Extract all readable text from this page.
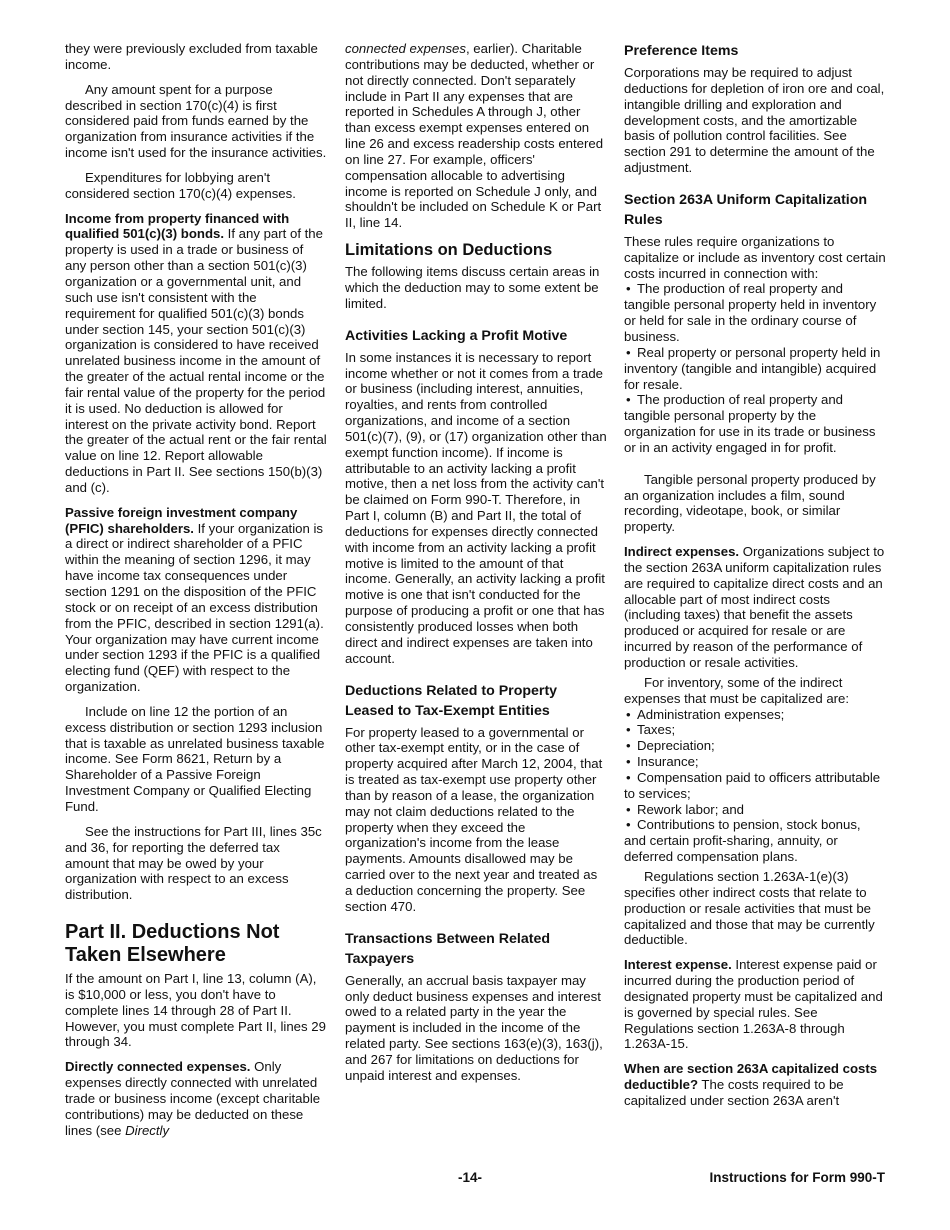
they were previously excluded from taxable income.

Any amount spent for a purpose described in section 170(c)(4) is first considered paid from funds earned by the organization from insurance activities if the income isn't used for the insurance activities.

Expenditures for lobbying aren't considered section 170(c)(4) expenses.

Income from property financed with qualified 501(c)(3) bonds. If any part of the property is used in a trade or business of any person other than a section 501(c)(3) organization or a governmental unit, and such use isn't consistent with the requirement for qualified 501(c)(3) bonds under section 145, your section 501(c)(3) organization is considered to have received unrelated business income in the amount of the greater of the actual rental income or the fair rental value of the property for the period it is used. No deduction is allowed for interest on the private activity bond. Report the greater of the actual rent or the fair rental value on line 12. Report allowable deductions in Part II. See sections 150(b)(3) and (c).

Passive foreign investment company (PFIC) shareholders. If your organization is a direct or indirect shareholder of a PFIC within the meaning of section 1296, it may have income tax consequences under section 1291 on the disposition of the PFIC stock or on receipt of an excess distribution from the PFIC, described in section 1291(a). Your organization may have current income under section 1293 if the PFIC is a qualified electing fund (QEF) with respect to the organization.

Include on line 12 the portion of an excess distribution or section 1293 inclusion that is taxable as unrelated business taxable income. See Form 8621, Return by a Shareholder of a Passive Foreign Investment Company or Qualified Electing Fund.

See the instructions for Part III, lines 35c and 36, for reporting the deferred tax amount that may be owed by your organization with respect to an excess distribution.

Part II. Deductions Not Taken Elsewhere

If the amount on Part I, line 13, column (A), is $10,000 or less, you don't have to complete lines 14 through 28 of Part II. However, you must complete Part II, lines 29 through 34.

Directly connected expenses. Only expenses directly connected with unrelated trade or business income (except charitable contributions) may be deducted on these lines (see Directly

connected expenses, earlier). Charitable contributions may be deducted, whether or not directly connected. Don't separately include in Part II any expenses that are reported in Schedules A through J, other than excess exempt expenses entered on line 26 and excess readership costs entered on line 27. For example, officers' compensation allocable to advertising income is reported on Schedule J only, and shouldn't be included on Schedule K or Part II, line 14.

Limitations on Deductions

The following items discuss certain areas in which the deduction may to some extent be limited.

Activities Lacking a Profit Motive

In some instances it is necessary to report income whether or not it comes from a trade or business (including interest, annuities, royalties, and rents from controlled organizations, and income of a section 501(c)(7), (9), or (17) organization other than exempt function income). If income is attributable to an activity lacking a profit motive, then a net loss from the activity can't be claimed on Form 990-T. Therefore, in Part I, column (B) and Part II, the total of deductions for expenses directly connected with income from an activity lacking a profit motive is limited to the amount of that income. Generally, an activity lacking a profit motive is one that isn't conducted for the purpose of producing a profit or one that has consistently produced losses when both direct and indirect expenses are taken into account.

Deductions Related to Property Leased to Tax-Exempt Entities

For property leased to a governmental or other tax-exempt entity, or in the case of property acquired after March 12, 2004, that is treated as tax-exempt use property other than by reason of a lease, the organization may not claim deductions related to the property when they exceed the organization's income from the lease payments. Amounts disallowed may be carried over to the next year and treated as a deduction concerning the property. See section 470.

Transactions Between Related Taxpayers

Generally, an accrual basis taxpayer may only deduct business expenses and interest owed to a related party in the year the payment is included in the income of the related party. See sections 163(e)(3), 163(j), and 267 for limitations on deductions for unpaid interest and expenses.

Preference Items

Corporations may be required to adjust deductions for depletion of iron ore and coal, intangible drilling and exploration and development costs, and the amortizable basis of pollution control facilities. See section 291 to determine the amount of the adjustment.

Section 263A Uniform Capitalization Rules

These rules require organizations to capitalize or include as inventory cost certain costs incurred in connection with:

• The production of real property and tangible personal property held in inventory or held for sale in the ordinary course of business.
• Real property or personal property held in inventory (tangible and intangible) acquired for resale.
• The production of real property and tangible personal property by the organization for use in its trade or business or in an activity engaged in for profit.

Tangible personal property produced by an organization includes a film, sound recording, videotape, book, or similar property.

Indirect expenses. Organizations subject to the section 263A uniform capitalization rules are required to capitalize direct costs and an allocable part of most indirect costs (including taxes) that benefit the assets produced or acquired for resale or are incurred by reason of the performance of production or resale activities.

For inventory, some of the indirect expenses that must be capitalized are:

• Administration expenses;
• Taxes;
• Depreciation;
• Insurance;
• Compensation paid to officers attributable to services;
• Rework labor; and
• Contributions to pension, stock bonus, and certain profit-sharing, annuity, or deferred compensation plans.

Regulations section 1.263A-1(e)(3) specifies other indirect costs that relate to production or resale activities that must be capitalized and those that may be currently deductible.

Interest expense. Interest expense paid or incurred during the production period of designated property must be capitalized and is governed by special rules. See Regulations section 1.263A-8 through 1.263A-15.

When are section 263A capitalized costs deductible? The costs required to be capitalized under section 263A aren't

-14-	Instructions for Form 990-T
